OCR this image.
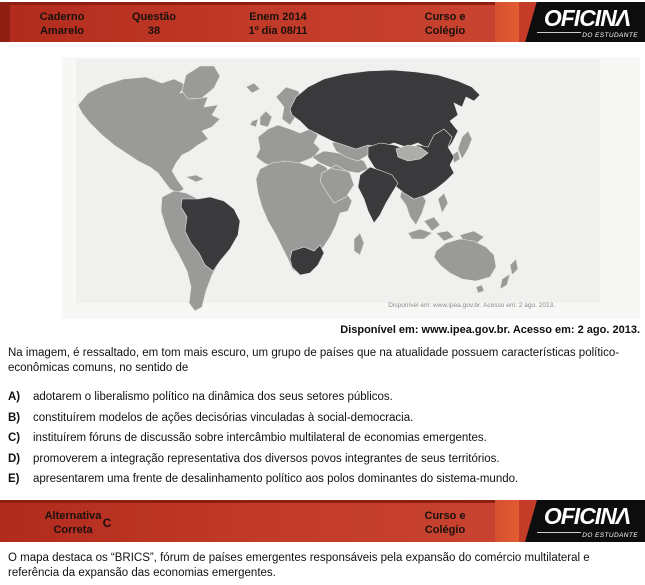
Caderno
Amarelo
Questão
38
Enem 2014
1º dia 08/11
Curso e
Colégio	OFICINΛ
DO ESTUDANTE
Disponível em: www.ipea.gov.br. Acesso em: 2 ago. 2013.
Disponível em: www.ipea.gov.br. Acesso em: 2 ago. 2013.
Na imagem, é ressaltado, em tom mais escuro, um grupo de países que na atualidade possuem características político-econômicas comuns, no sentido de
A)	adotarem o liberalismo político na dinâmica dos seus setores públicos.
B)	constituírem modelos de ações decisórias vinculadas à social-democracia.
C)	instituírem fóruns de discussão sobre intercâmbio multilateral de economias emergentes.
D)	promoverem a integração representativa dos diversos povos integrantes de seus territórios.
E)	apresentarem uma frente de desalinhamento político aos polos dominantes do sistema-mundo.
Alternativa
Correta C	Curso e
Colégio
OFICINΛ
DO ESTUDANTE
O mapa destaca os “BRICS”, fórum de países emergentes responsáveis pela expansão do comércio multilateral e referência da expansão das economias emergentes.
